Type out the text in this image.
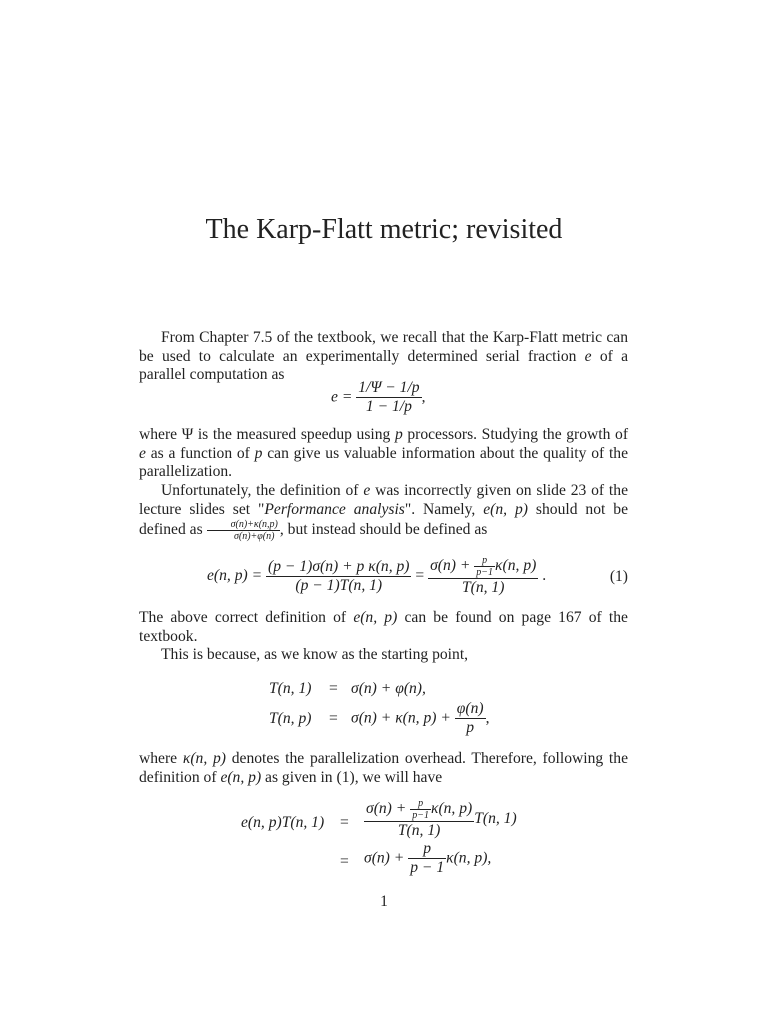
The Karp-Flatt metric; revisited
From Chapter 7.5 of the textbook, we recall that the Karp-Flatt metric can be used to calculate an experimentally determined serial fraction e of a parallel computation as
$e = \frac{1/\Psi - 1/p}{1 - 1/p}$ ,
where Ψ is the measured speedup using p processors. Studying the growth of e as a function of p can give us valuable information about the quality of the parallelization.
Unfortunately, the definition of e was incorrectly given on slide 23 of the lecture slides set "Performance analysis". Namely, e(n, p) should not be defined as $\frac{\sigma(n)+\kappa(n,p)}{\sigma(n)+\varphi(n)}$ , but instead should be defined as
e(n, $p) = \frac{\text{(p − 1)σ(n) + p κ(n, p)}}{(p - 1)T(n, 1)}$ =
$\sigma(n) + \frac{p}{p-1} \kappa(n$, p)
T(n, 1)
.	(1)
The above correct definition of e(n, p) can be found on page 167 of the textbook.
This is because, as we know as the starting point,
T(n, 1) = σ(n) + φ(n),
T(n, p) = σ(n) + κ(n, $p) + \frac{\varphi(n)}{p}$ ,
where κ(n, p) denotes the parallelization overhead. Therefore, following the definition of e(n, p) as given in (1), we will have
e(n, p)T(n, 1) =
$\sigma(n) + \frac{p}{p-1} \kappa(n$, p)
T(n, 1)
T(n, 1)
= $\sigma(n) + \frac{p}{p - 1} \kappa(n$, p),
1
